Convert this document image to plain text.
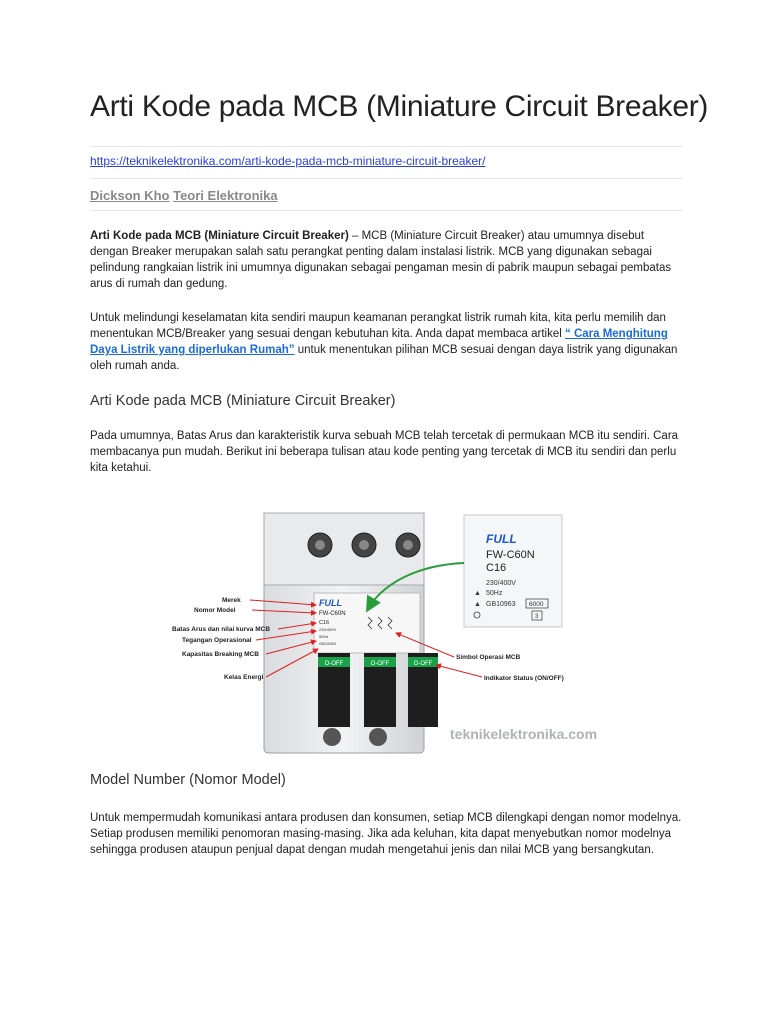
Arti Kode pada MCB (Miniature Circuit Breaker)
https://teknikelektronika.com/arti-kode-pada-mcb-miniature-circuit-breaker/
Dickson Kho Teori Elektronika

Arti Kode pada MCB (Miniature Circuit Breaker) – MCB (Miniature Circuit Breaker) atau umumnya disebut dengan Breaker merupakan salah satu perangkat penting dalam instalasi listrik. MCB yang digunakan sebagai pelindung rangkaian listrik ini umumnya digunakan sebagai pengaman mesin di pabrik maupun sebagai pembatas arus di rumah dan gedung.

Untuk melindungi keselamatan kita sendiri maupun keamanan perangkat listrik rumah kita, kita perlu memilih dan menentukan MCB/Breaker yang sesuai dengan kebutuhan kita. Anda dapat membaca artikel “ Cara Menghitung Daya Listrik yang diperlukan Rumah” untuk menentukan pilihan MCB sesuai dengan daya listrik yang digunakan oleh rumah anda.

Arti Kode pada MCB (Miniature Circuit Breaker)

Pada umumnya, Batas Arus dan karakteristik kurva sebuah MCB telah tercetak di permukaan MCB itu sendiri. Cara membacanya pun mudah. Berikut ini beberapa tulisan atau kode penting yang tercetak di MCB itu sendiri dan perlu kita ketahui.

Model Number (Nomor Model)

Untuk mempermudah komunikasi antara produsen dan konsumen, setiap MCB dilengkapi dengan nomor modelnya. Setiap produsen memiliki penomoran masing-masing. Jika ada keluhan, kita dapat menyebutkan nomor modelnya sehingga produsen ataupun penjual dapat dengan mudah mengetahui jenis dan nilai MCB yang bersangkutan.

O-OFF	O-OFF	O-OFF
FULL
FW-C60N
C16
230/400V
50Hz
GB10963
FULL
FW-C60N
C16
230/400V
▲ 50Hz
▲ GB10963 6000
3
Merek
Nomor Model
Batas Arus dan nilai kurva MCB
Tegangan Operasional
Kapasitas Breaking MCB
Kelas Energi
Simbol Operasi MCB
Indikator Status (ON/OFF)
teknikelektronika.com
